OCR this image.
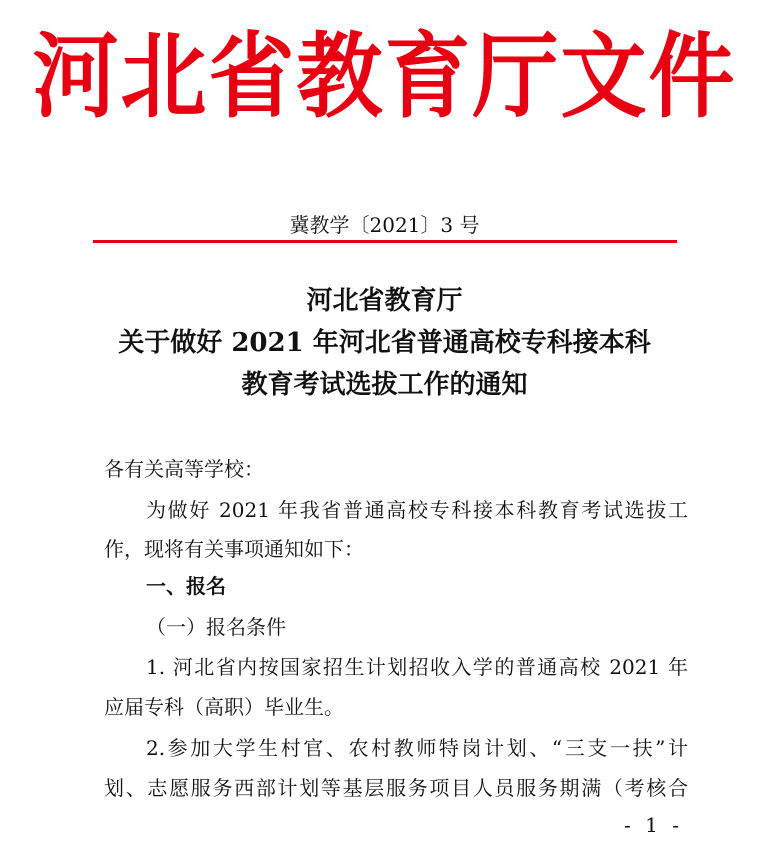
河北省教育厅文件
冀教学〔2021〕3 号
河北省教育厅
关于做好 2021 年河北省普通高校专科接本科
教育考试选拔工作的通知
各有关高等学校：
为做好 2021 年我省普通高校专科接本科教育考试选拔工
作，现将有关事项通知如下：
一、报名
（一）报名条件
1. 河北省内按国家招生计划招收入学的普通高校 2021 年
应届专科（高职）毕业生。
2.参加大学生村官、农村教师特岗计划、“三支一扶”计
划、志愿服务西部计划等基层服务项目人员服务期满（考核合
- 1 -
